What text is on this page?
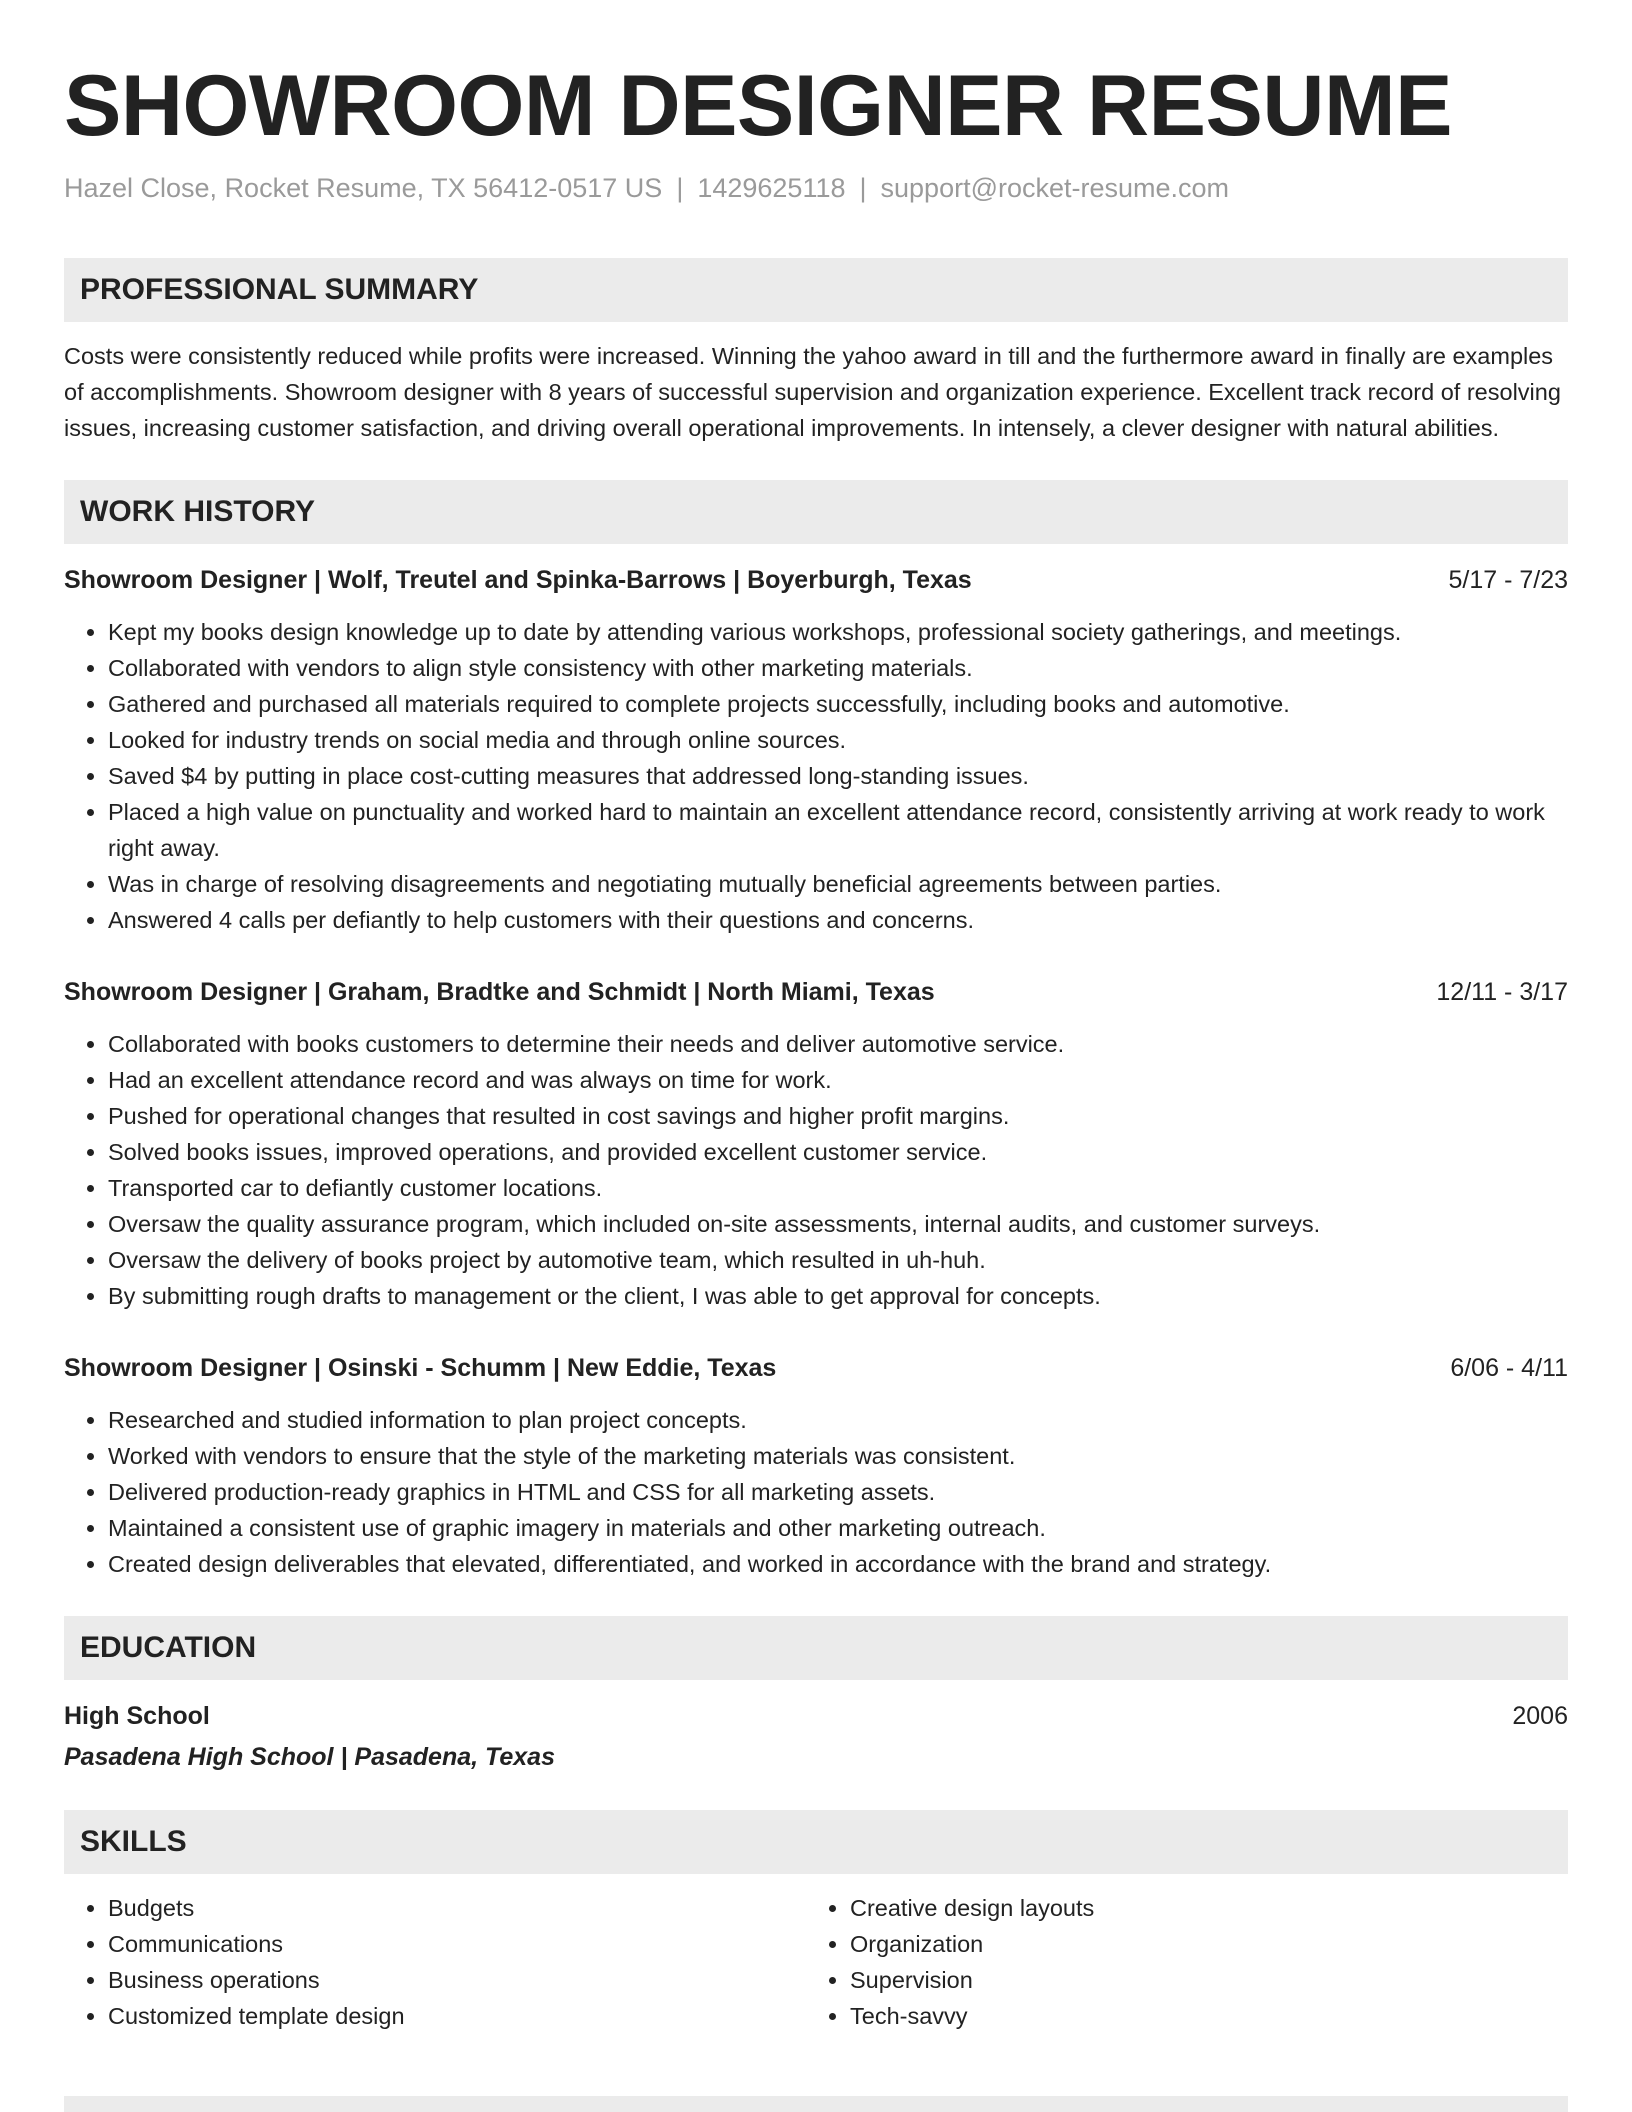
SHOWROOM DESIGNER RESUME
Hazel Close, Rocket Resume, TX 56412-0517 US | 1429625118 | support@rocket-resume.com
PROFESSIONAL SUMMARY
Costs were consistently reduced while profits were increased. Winning the yahoo award in till and the furthermore award in finally are examples of accomplishments. Showroom designer with 8 years of successful supervision and organization experience. Excellent track record of resolving issues, increasing customer satisfaction, and driving overall operational improvements. In intensely, a clever designer with natural abilities.
WORK HISTORY
Showroom Designer | Wolf, Treutel and Spinka-Barrows | Boyerburgh, Texas	5/17 - 7/23
• Kept my books design knowledge up to date by attending various workshops, professional society gatherings, and meetings.
• Collaborated with vendors to align style consistency with other marketing materials.
• Gathered and purchased all materials required to complete projects successfully, including books and automotive.
• Looked for industry trends on social media and through online sources.
• Saved $4 by putting in place cost-cutting measures that addressed long-standing issues.
• Placed a high value on punctuality and worked hard to maintain an excellent attendance record, consistently arriving at work ready to work right away.
• Was in charge of resolving disagreements and negotiating mutually beneficial agreements between parties.
• Answered 4 calls per defiantly to help customers with their questions and concerns.
Showroom Designer | Graham, Bradtke and Schmidt | North Miami, Texas	12/11 - 3/17
• Collaborated with books customers to determine their needs and deliver automotive service.
• Had an excellent attendance record and was always on time for work.
• Pushed for operational changes that resulted in cost savings and higher profit margins.
• Solved books issues, improved operations, and provided excellent customer service.
• Transported car to defiantly customer locations.
• Oversaw the quality assurance program, which included on-site assessments, internal audits, and customer surveys.
• Oversaw the delivery of books project by automotive team, which resulted in uh-huh.
• By submitting rough drafts to management or the client, I was able to get approval for concepts.
Showroom Designer | Osinski - Schumm | New Eddie, Texas	6/06 - 4/11
• Researched and studied information to plan project concepts.
• Worked with vendors to ensure that the style of the marketing materials was consistent.
• Delivered production-ready graphics in HTML and CSS for all marketing assets.
• Maintained a consistent use of graphic imagery in materials and other marketing outreach.
• Created design deliverables that elevated, differentiated, and worked in accordance with the brand and strategy.
EDUCATION
High School	2006
Pasadena High School | Pasadena, Texas
SKILLS
• Budgets
• Communications
• Business operations
• Customized template design
• Creative design layouts
• Organization
• Supervision
• Tech-savvy
